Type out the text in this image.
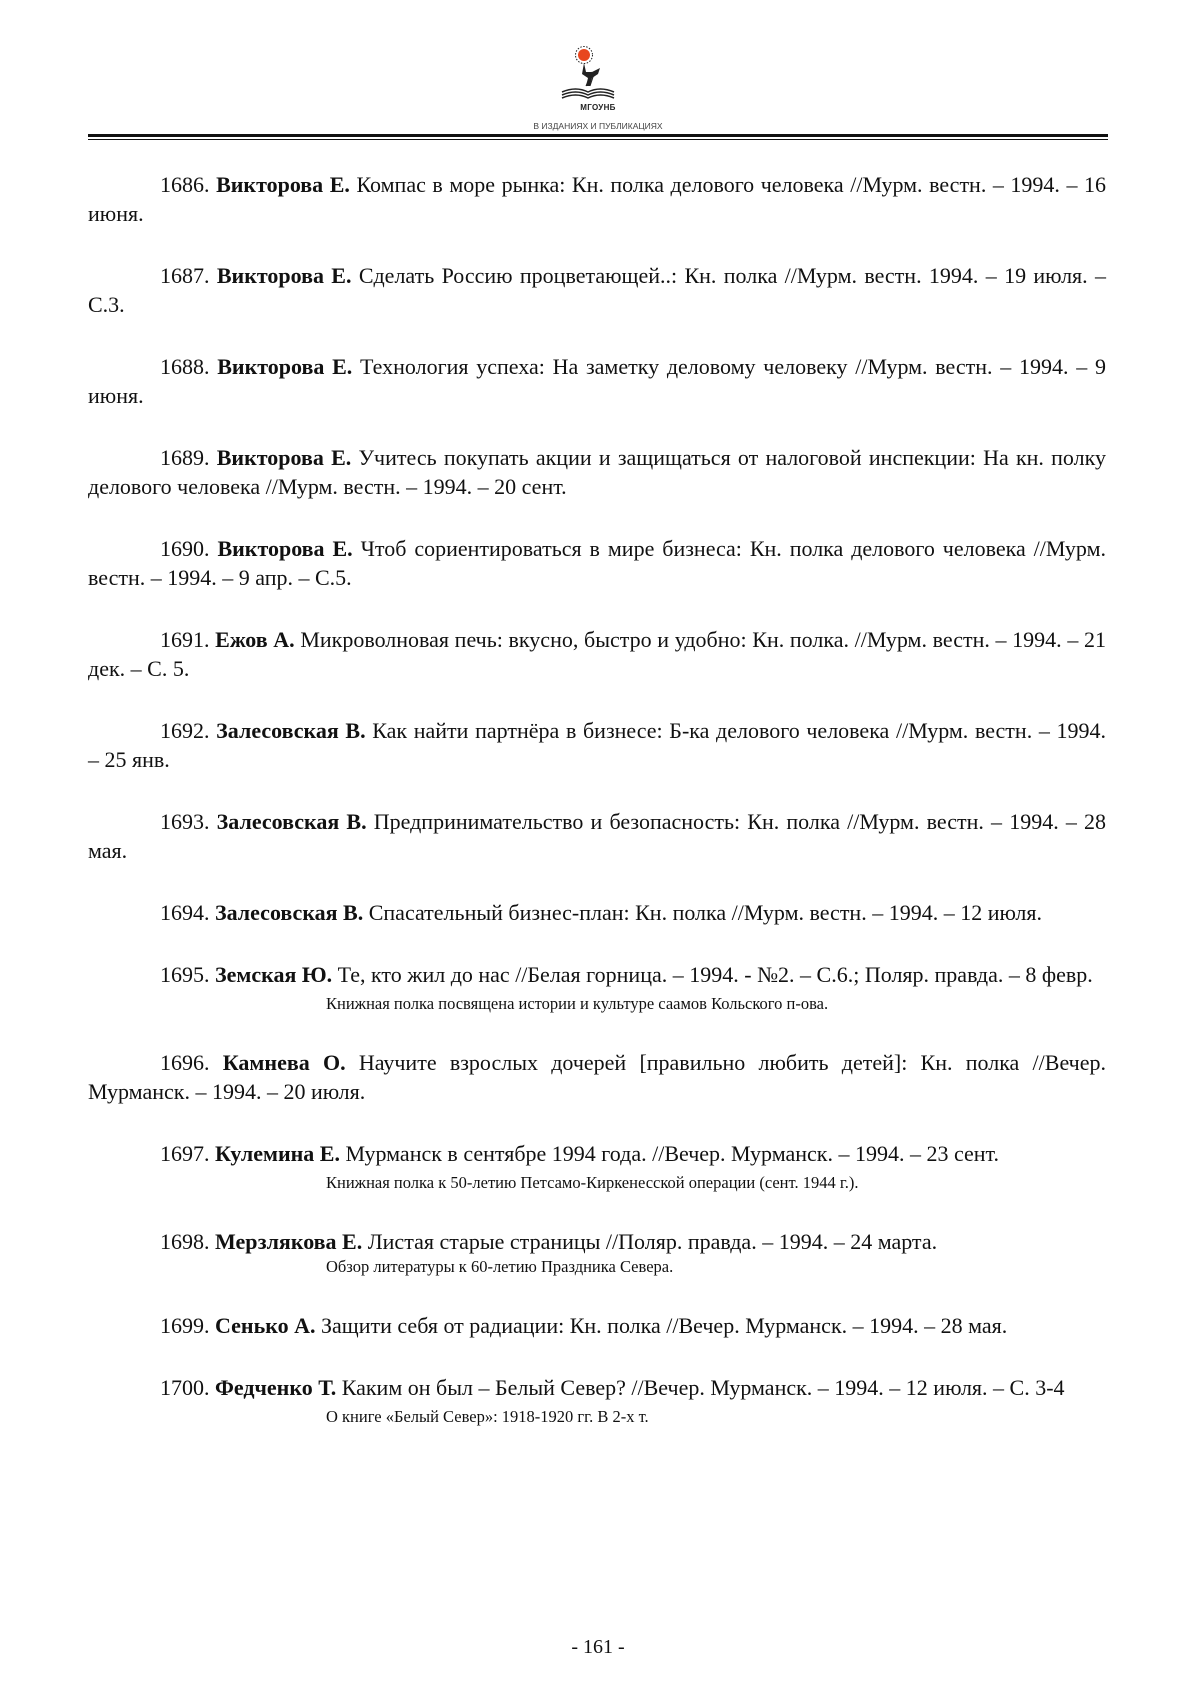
МГОУНБ
В ИЗДАНИЯХ И ПУБЛИКАЦИЯХ

1686. Викторова Е. Компас в море рынка: Кн. полка делового человека //Мурм. вестн. – 1994. – 16 июня.

1687. Викторова Е. Сделать Россию процветающей..: Кн. полка //Мурм. вестн. 1994. – 19 июля. – С.3.

1688. Викторова Е. Технология успеха: На заметку деловому человеку //Мурм. вестн. – 1994. – 9 июня.

1689. Викторова Е. Учитесь покупать акции и защищаться от налоговой инспекции: На кн. полку делового человека //Мурм. вестн. – 1994. – 20 сент.

1690. Викторова Е. Чтоб сориентироваться в мире бизнеса: Кн. полка делового человека //Мурм. вестн. – 1994. – 9 апр. – С.5.

1691. Ежов А. Микроволновая печь: вкусно, быстро и удобно: Кн. полка. //Мурм. вестн. – 1994. – 21 дек. – С. 5.

1692. Залесовская В. Как найти партнёра в бизнесе: Б-ка делового человека //Мурм. вестн. – 1994. – 25 янв.

1693. Залесовская В. Предпринимательство и безопасность: Кн. полка //Мурм. вестн. – 1994. – 28 мая.

1694. Залесовская В. Спасательный бизнес-план: Кн. полка //Мурм. вестн. – 1994. – 12 июля.

1695. Земская Ю. Те, кто жил до нас //Белая горница. – 1994. - №2. – С.6.; Поляр. правда. – 8 февр.

Книжная полка посвящена истории и культуре саамов Кольского п-ова.

1696. Камнева О. Научите взрослых дочерей [правильно любить детей]: Кн. полка //Вечер. Мурманск. – 1994. – 20 июля.

1697. Кулемина Е. Мурманск в сентябре 1994 года. //Вечер. Мурманск. – 1994. – 23 сент.

Книжная полка к 50-летию Петсамо-Киркенесской операции (сент. 1944 г.).

1698. Мерзлякова Е. Листая старые страницы //Поляр. правда. – 1994. – 24 марта.

Обзор литературы к 60-летию Праздника Севера.

1699. Сенько А. Защити себя от радиации: Кн. полка //Вечер. Мурманск. – 1994. – 28 мая.

1700. Федченко Т. Каким он был – Белый Север? //Вечер. Мурманск. – 1994. – 12 июля. – С. 3-4

О книге «Белый Север»: 1918-1920 гг. В 2-х т.

- 161 -
